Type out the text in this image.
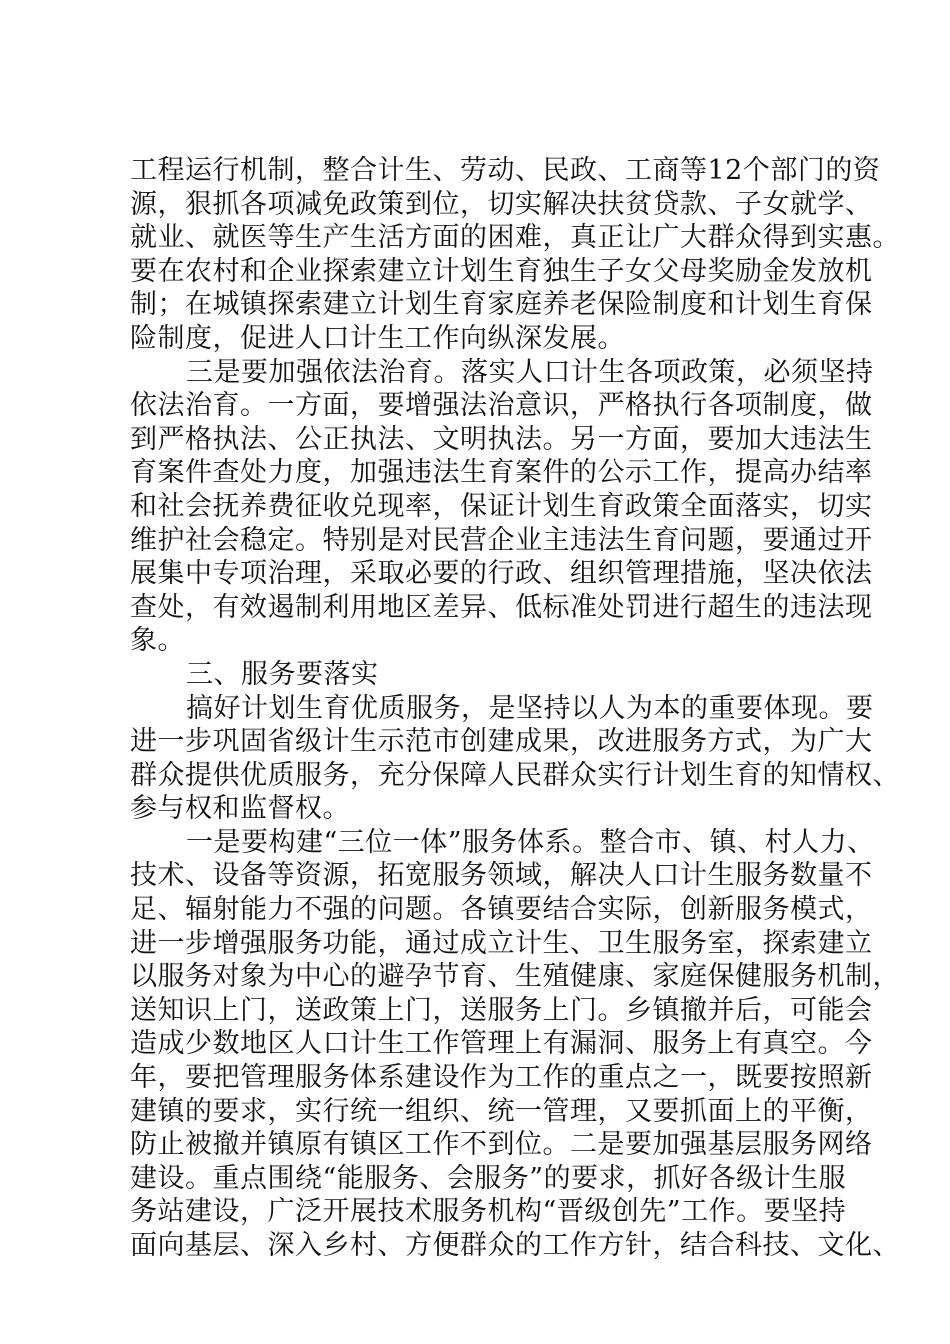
工程运行机制，整合计生、劳动、民政、工商等12个部门的资
源，狠抓各项减免政策到位，切实解决扶贫贷款、子女就学、
就业、就医等生产生活方面的困难，真正让广大群众得到实惠。
要在农村和企业探索建立计划生育独生子女父母奖励金发放机
制；在城镇探索建立计划生育家庭养老保险制度和计划生育保
险制度，促进人口计生工作向纵深发展。
三是要加强依法治育。落实人口计生各项政策，必须坚持
依法治育。一方面，要增强法治意识，严格执行各项制度，做
到严格执法、公正执法、文明执法。另一方面，要加大违法生
育案件查处力度，加强违法生育案件的公示工作，提高办结率
和社会抚养费征收兑现率，保证计划生育政策全面落实，切实
维护社会稳定。特别是对民营企业主违法生育问题，要通过开
展集中专项治理，采取必要的行政、组织管理措施，坚决依法
查处，有效遏制利用地区差异、低标准处罚进行超生的违法现
象。
三、服务要落实
搞好计划生育优质服务，是坚持以人为本的重要体现。要
进一步巩固省级计生示范市创建成果，改进服务方式，为广大
群众提供优质服务，充分保障人民群众实行计划生育的知情权、
参与权和监督权。
一是要构建“三位一体”服务体系。整合市、镇、村人力、
技术、设备等资源，拓宽服务领域，解决人口计生服务数量不
足、辐射能力不强的问题。各镇要结合实际，创新服务模式，
进一步增强服务功能，通过成立计生、卫生服务室，探索建立
以服务对象为中心的避孕节育、生殖健康、家庭保健服务机制，
送知识上门，送政策上门，送服务上门。乡镇撤并后，可能会
造成少数地区人口计生工作管理上有漏洞、服务上有真空。今
年，要把管理服务体系建设作为工作的重点之一，既要按照新
建镇的要求，实行统一组织、统一管理，又要抓面上的平衡，
防止被撤并镇原有镇区工作不到位。二是要加强基层服务网络
建设。重点围绕“能服务、会服务”的要求，抓好各级计生服
务站建设，广泛开展技术服务机构“晋级创先”工作。要坚持
面向基层、深入乡村、方便群众的工作方针，结合科技、文化、
